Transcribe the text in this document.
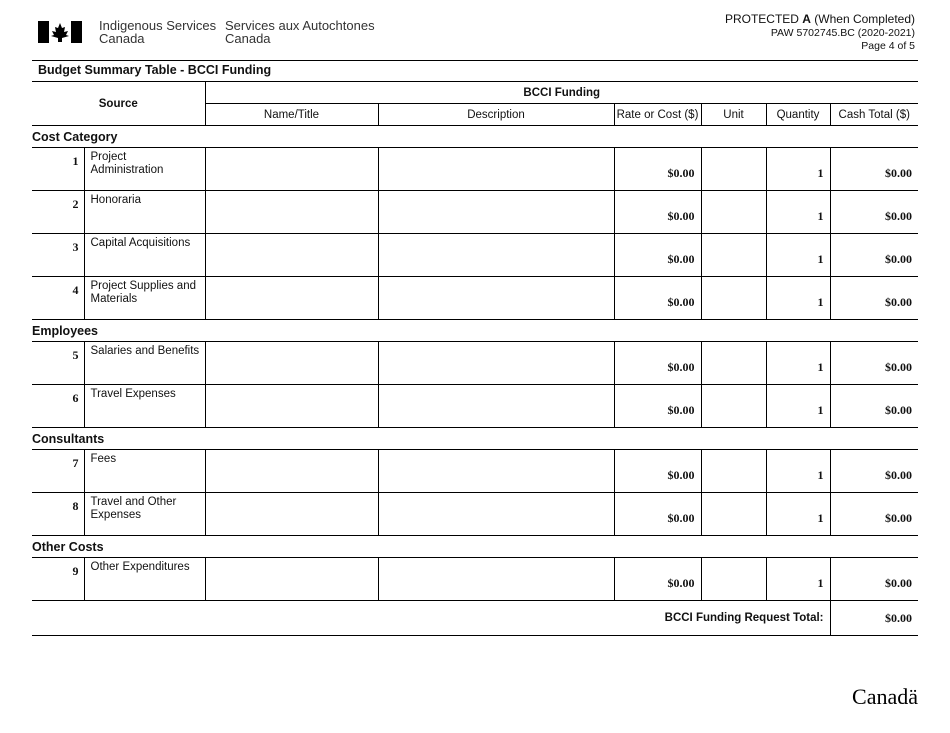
Indigenous Services
Canada
Services aux Autochtones
Canada
PROTECTED A (When Completed)
PAW 5702745.BC (2020-2021)
Page 4 of 5
Budget Summary Table - BCCI Funding
Source		BCCI Funding					
		Name/Title	Description	Rate or Cost ($)	Unit	Quantity	Cash Total ($)
Cost Category							
1	Project Administration			$0.00		1	$0.00
2	Honoraria			$0.00		1	$0.00
3	Capital Acquisitions			$0.00		1	$0.00
4	Project Supplies and Materials			$0.00		1	$0.00
Employees							
5	Salaries and Benefits			$0.00		1	$0.00
6	Travel Expenses			$0.00		1	$0.00
Consultants							
7	Fees			$0.00		1	$0.00
8	Travel and Other Expenses			$0.00		1	$0.00
Other Costs							
9	Other Expenditures			$0.00		1	$0.00
BCCI Funding Request Total:							$0.00
Canadä
